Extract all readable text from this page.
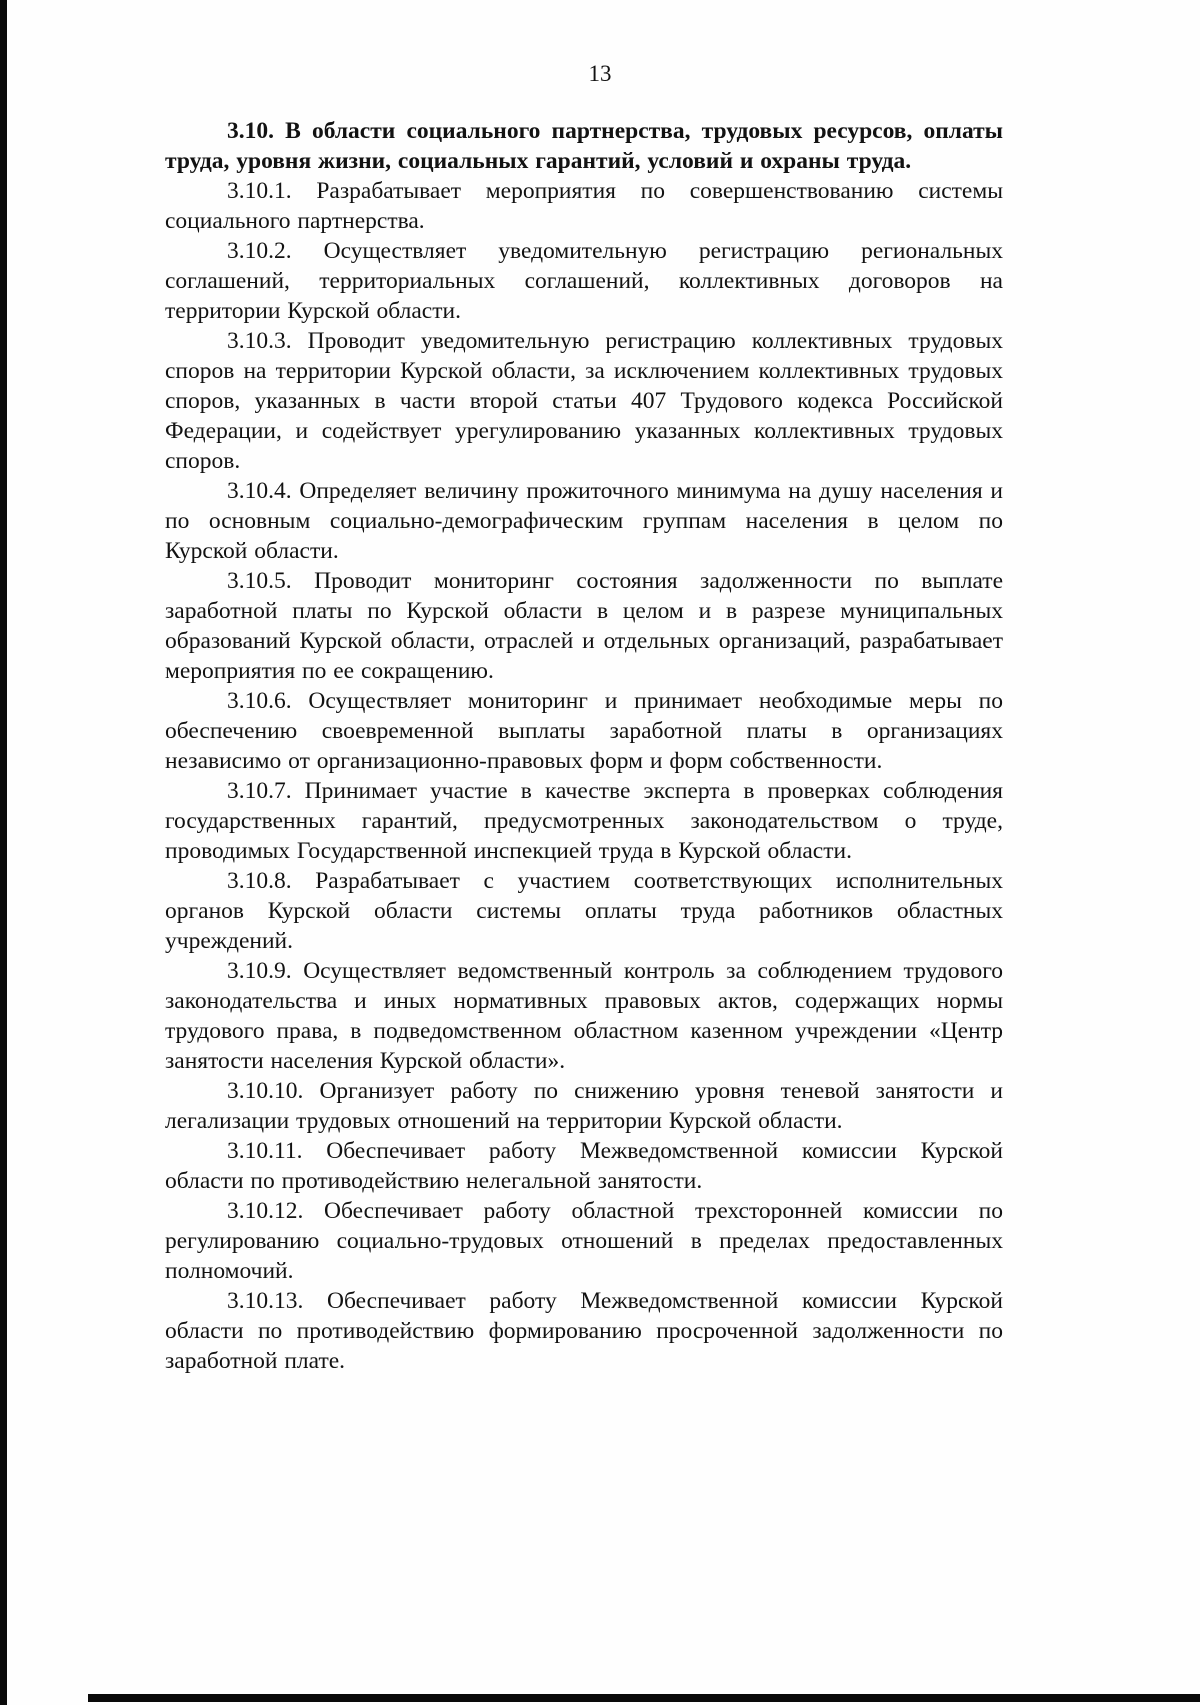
13

3.10. В области социального партнерства, трудовых ресурсов, оплаты труда, уровня жизни, социальных гарантий, условий и охраны труда.

3.10.1. Разрабатывает мероприятия по совершенствованию системы социального партнерства.

3.10.2. Осуществляет уведомительную регистрацию региональных соглашений, территориальных соглашений, коллективных договоров на территории Курской области.

3.10.3. Проводит уведомительную регистрацию коллективных трудовых споров на территории Курской области, за исключением коллективных трудовых споров, указанных в части второй статьи 407 Трудового кодекса Российской Федерации, и содействует урегулированию указанных коллективных трудовых споров.

3.10.4. Определяет величину прожиточного минимума на душу населения и по основным социально-демографическим группам населения в целом по Курской области.

3.10.5. Проводит мониторинг состояния задолженности по выплате заработной платы по Курской области в целом и в разрезе муниципальных образований Курской области, отраслей и отдельных организаций, разрабатывает мероприятия по ее сокращению.

3.10.6. Осуществляет мониторинг и принимает необходимые меры по обеспечению своевременной выплаты заработной платы в организациях независимо от организационно-правовых форм и форм собственности.

3.10.7. Принимает участие в качестве эксперта в проверках соблюдения государственных гарантий, предусмотренных законодательством о труде, проводимых Государственной инспекцией труда в Курской области.

3.10.8. Разрабатывает с участием соответствующих исполнительных органов Курской области системы оплаты труда работников областных учреждений.

3.10.9. Осуществляет ведомственный контроль за соблюдением трудового законодательства и иных нормативных правовых актов, содержащих нормы трудового права, в подведомственном областном казенном учреждении «Центр занятости населения Курской области».

3.10.10. Организует работу по снижению уровня теневой занятости и легализации трудовых отношений на территории Курской области.

3.10.11. Обеспечивает работу Межведомственной комиссии Курской области по противодействию нелегальной занятости.

3.10.12. Обеспечивает работу областной трехсторонней комиссии по регулированию социально-трудовых отношений в пределах предоставленных полномочий.

3.10.13. Обеспечивает работу Межведомственной комиссии Курской области по противодействию формированию просроченной задолженности по заработной плате.
